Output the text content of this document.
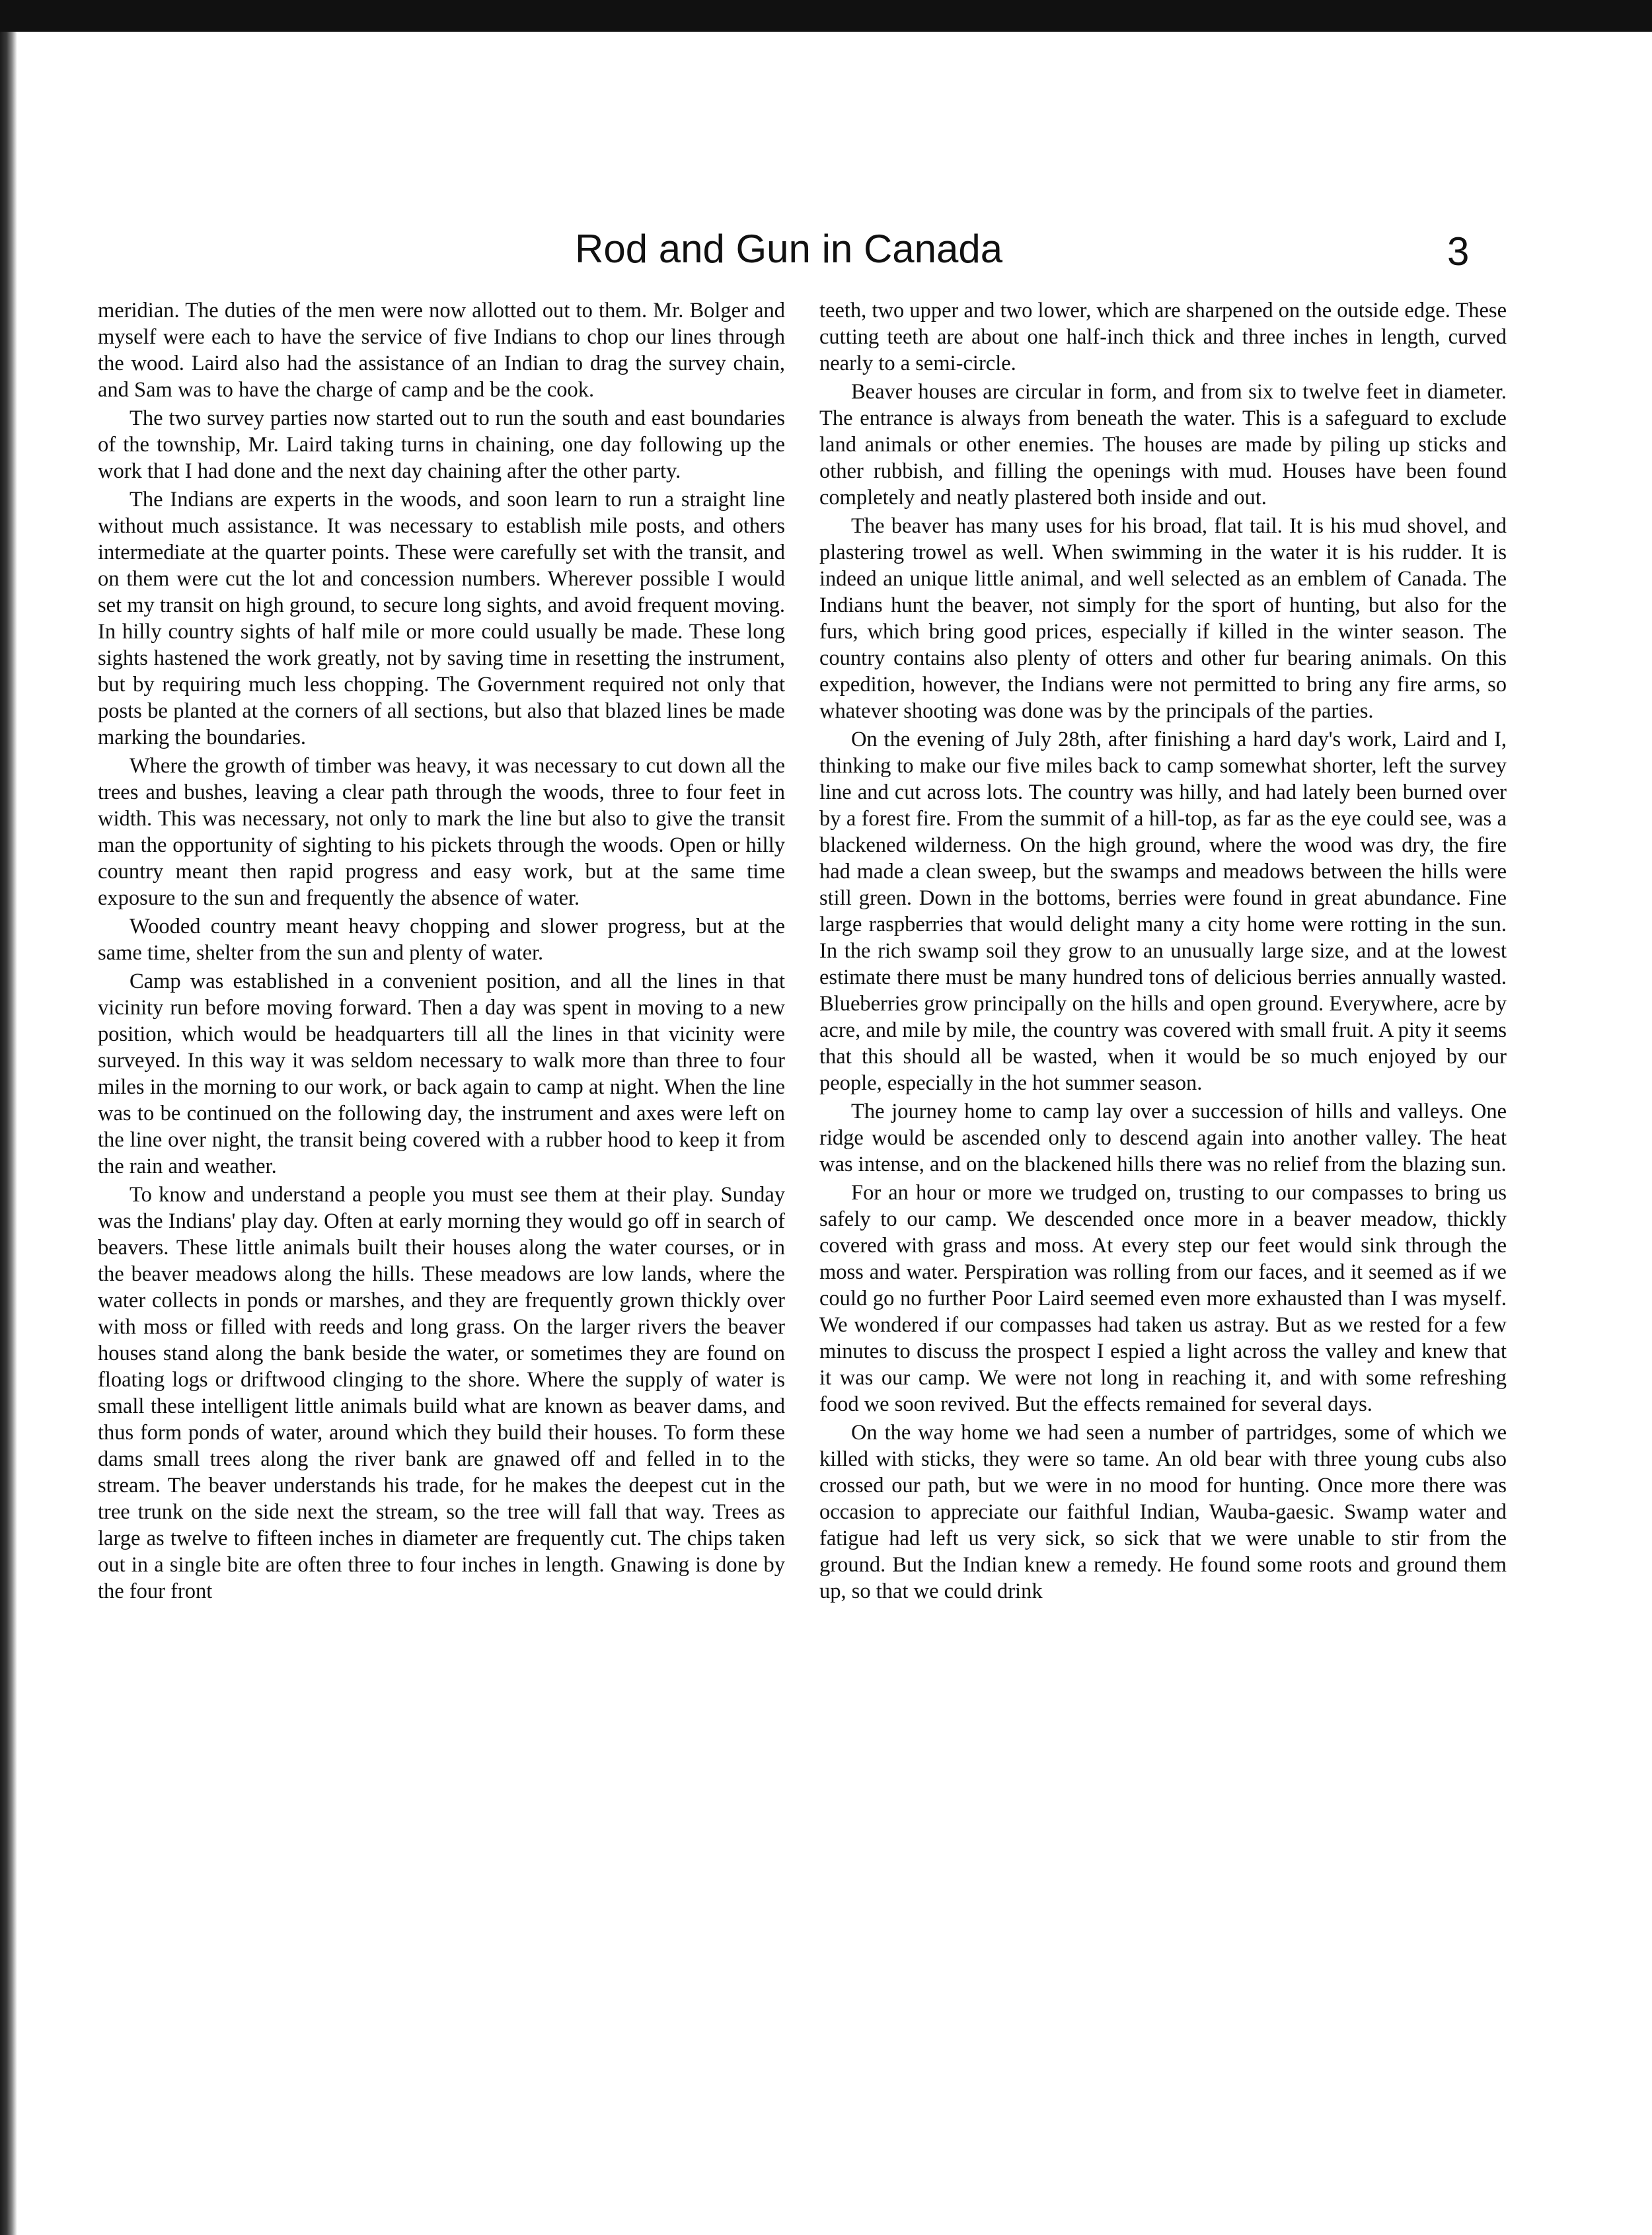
Rod and Gun in Canada	3

meridian. The duties of the men were now allotted out to them. Mr. Bolger and myself were each to have the service of five Indians to chop our lines through the wood. Laird also had the assistance of an Indian to drag the survey chain, and Sam was to have the charge of camp and be the cook.

The two survey parties now started out to run the south and east boundaries of the township, Mr. Laird taking turns in chaining, one day following up the work that I had done and the next day chaining after the other party.

The Indians are experts in the woods, and soon learn to run a straight line without much assistance. It was necessary to establish mile posts, and others intermediate at the quarter points. These were carefully set with the transit, and on them were cut the lot and concession numbers. Wherever possible I would set my transit on high ground, to secure long sights, and avoid frequent moving. In hilly country sights of half mile or more could usually be made. These long sights hastened the work greatly, not by saving time in resetting the instrument, but by requiring much less chopping. The Government required not only that posts be planted at the corners of all sections, but also that blazed lines be made marking the boundaries.

Where the growth of timber was heavy, it was necessary to cut down all the trees and bushes, leaving a clear path through the woods, three to four feet in width. This was necessary, not only to mark the line but also to give the transit man the opportunity of sighting to his pickets through the woods. Open or hilly country meant then rapid progress and easy work, but at the same time exposure to the sun and frequently the absence of water.

Wooded country meant heavy chopping and slower progress, but at the same time, shelter from the sun and plenty of water.

Camp was established in a convenient position, and all the lines in that vicinity run before moving forward. Then a day was spent in moving to a new position, which would be headquarters till all the lines in that vicinity were surveyed. In this way it was seldom necessary to walk more than three to four miles in the morning to our work, or back again to camp at night. When the line was to be continued on the following day, the instrument and axes were left on the line over night, the transit being covered with a rubber hood to keep it from the rain and weather.

To know and understand a people you must see them at their play. Sunday was the Indians' play day. Often at early morning they would go off in search of beavers. These little animals built their houses along the water courses, or in the beaver meadows along the hills. These meadows are low lands, where the water collects in ponds or marshes, and they are frequently grown thickly over with moss or filled with reeds and long grass. On the larger rivers the beaver houses stand along the bank beside the water, or sometimes they are found on floating logs or driftwood clinging to the shore. Where the supply of water is small these intelligent little animals build what are known as beaver dams, and thus form ponds of water, around which they build their houses. To form these dams small trees along the river bank are gnawed off and felled in to the stream. The beaver understands his trade, for he makes the deepest cut in the tree trunk on the side next the stream, so the tree will fall that way. Trees as large as twelve to fifteen inches in diameter are frequently cut. The chips taken out in a single bite are often three to four inches in length. Gnawing is done by the four front

teeth, two upper and two lower, which are sharpened on the outside edge. These cutting teeth are about one half-inch thick and three inches in length, curved nearly to a semi-circle.

Beaver houses are circular in form, and from six to twelve feet in diameter. The entrance is always from beneath the water. This is a safeguard to exclude land animals or other enemies. The houses are made by piling up sticks and other rubbish, and filling the openings with mud. Houses have been found completely and neatly plastered both inside and out.

The beaver has many uses for his broad, flat tail. It is his mud shovel, and plastering trowel as well. When swimming in the water it is his rudder. It is indeed an unique little animal, and well selected as an emblem of Canada. The Indians hunt the beaver, not simply for the sport of hunting, but also for the furs, which bring good prices, especially if killed in the winter season. The country contains also plenty of otters and other fur bearing animals. On this expedition, however, the Indians were not permitted to bring any fire arms, so whatever shooting was done was by the principals of the parties.

On the evening of July 28th, after finishing a hard day's work, Laird and I, thinking to make our five miles back to camp somewhat shorter, left the survey line and cut across lots. The country was hilly, and had lately been burned over by a forest fire. From the summit of a hill-top, as far as the eye could see, was a blackened wilderness. On the high ground, where the wood was dry, the fire had made a clean sweep, but the swamps and meadows between the hills were still green. Down in the bottoms, berries were found in great abundance. Fine large raspberries that would delight many a city home were rotting in the sun. In the rich swamp soil they grow to an unusually large size, and at the lowest estimate there must be many hundred tons of delicious berries annually wasted. Blueberries grow principally on the hills and open ground. Everywhere, acre by acre, and mile by mile, the country was covered with small fruit. A pity it seems that this should all be wasted, when it would be so much enjoyed by our people, especially in the hot summer season.

The journey home to camp lay over a succession of hills and valleys. One ridge would be ascended only to descend again into another valley. The heat was intense, and on the blackened hills there was no relief from the blazing sun.

For an hour or more we trudged on, trusting to our compasses to bring us safely to our camp. We descended once more in a beaver meadow, thickly covered with grass and moss. At every step our feet would sink through the moss and water. Perspiration was rolling from our faces, and it seemed as if we could go no further Poor Laird seemed even more exhausted than I was myself. We wondered if our compasses had taken us astray. But as we rested for a few minutes to discuss the prospect I espied a light across the valley and knew that it was our camp. We were not long in reaching it, and with some refreshing food we soon revived. But the effects remained for several days.

On the way home we had seen a number of partridges, some of which we killed with sticks, they were so tame. An old bear with three young cubs also crossed our path, but we were in no mood for hunting. Once more there was occasion to appreciate our faithful Indian, Wauba-gaesic. Swamp water and fatigue had left us very sick, so sick that we were unable to stir from the ground. But the Indian knew a remedy. He found some roots and ground them up, so that we could drink
